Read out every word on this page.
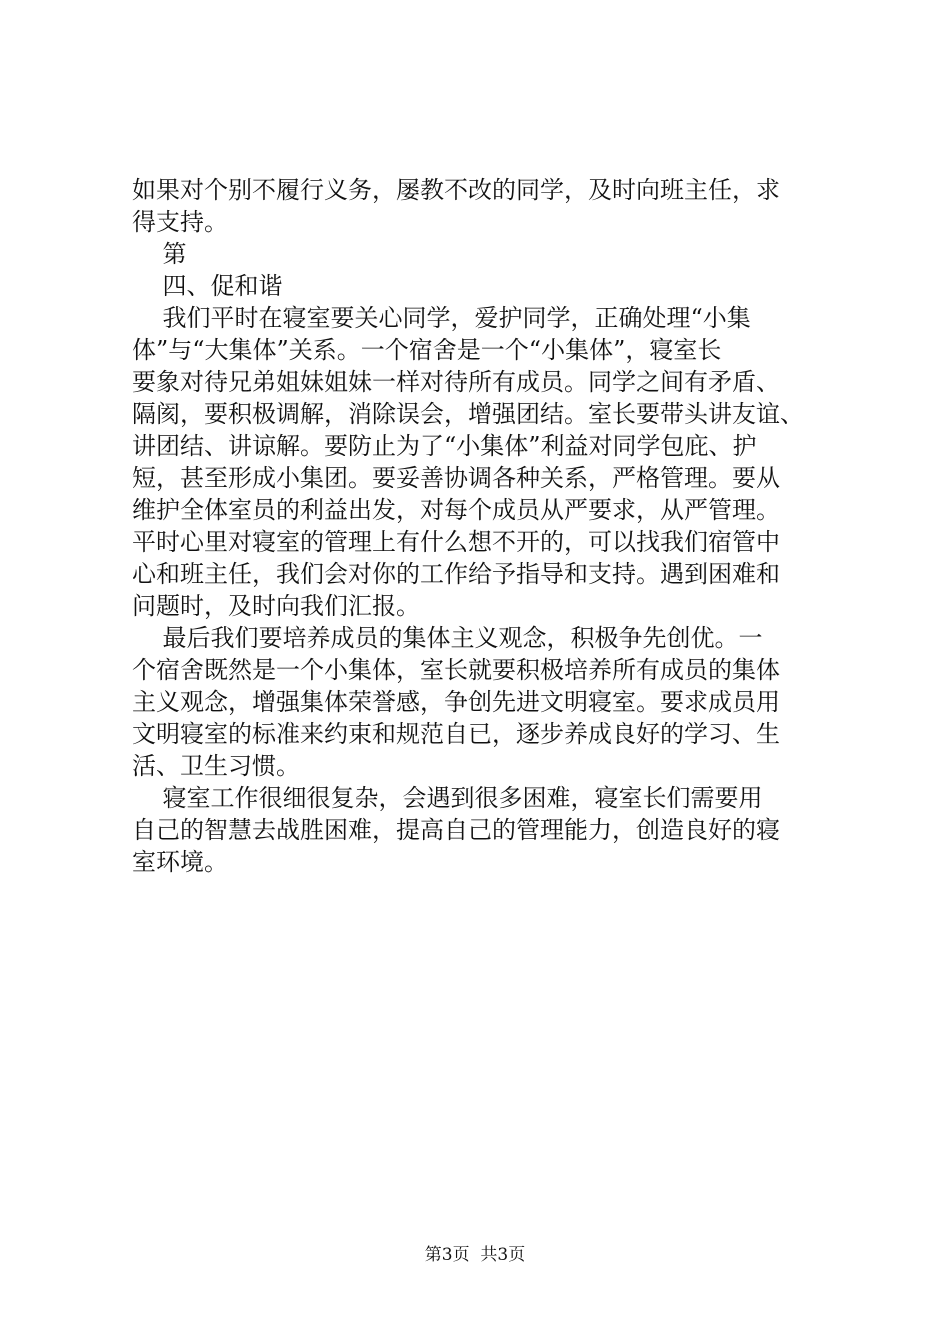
如果对个别不履行义务，屡教不改的同学，及时向班主任，求
得支持。
第
四、促和谐
我们平时在寝室要关心同学，爱护同学，正确处理“小集
体”与“大集体”关系。一个宿舍是一个“小集体”，寝室长
要象对待兄弟姐妹姐妹一样对待所有成员。同学之间有矛盾、
隔阂，要积极调解，消除误会，增强团结。室长要带头讲友谊、
讲团结、讲谅解。要防止为了“小集体”利益对同学包庇、护
短，甚至形成小集团。要妥善协调各种关系，严格管理。要从
维护全体室员的利益出发，对每个成员从严要求，从严管理。
平时心里对寝室的管理上有什么想不开的，可以找我们宿管中
心和班主任，我们会对你的工作给予指导和支持。遇到困难和
问题时，及时向我们汇报。
最后我们要培养成员的集体主义观念，积极争先创优。一
个宿舍既然是一个小集体，室长就要积极培养所有成员的集体
主义观念，增强集体荣誉感，争创先进文明寝室。要求成员用
文明寝室的标准来约束和规范自已，逐步养成良好的学习、生
活、卫生习惯。
寝室工作很细很复杂，会遇到很多困难，寝室长们需要用
自己的智慧去战胜困难，提高自己的管理能力，创造良好的寝
室环境。
第3页  共3页
